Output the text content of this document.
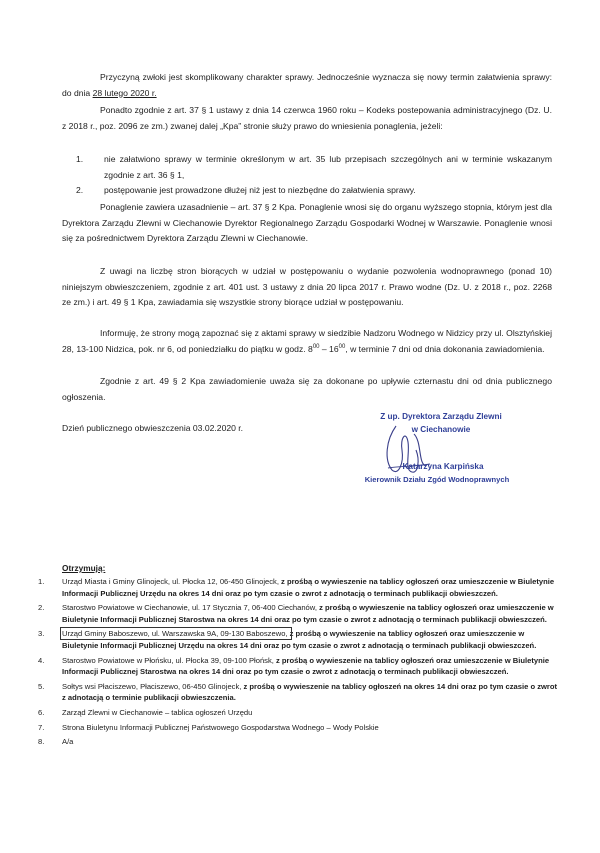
Przyczyną zwłoki jest skomplikowany charakter sprawy. Jednocześnie wyznacza się nowy termin załatwienia sprawy: do dnia 28 lutego 2020 r.
Ponadto zgodnie z art. 37 § 1 ustawy z dnia 14 czerwca 1960 roku – Kodeks postepowania administracyjnego (Dz. U. z 2018 r., poz. 2096 ze zm.) zwanej dalej „Kpa” stronie służy prawo do wniesienia ponaglenia, jeżeli:
1. nie załatwiono sprawy w terminie określonym w art. 35 lub przepisach szczególnych ani w terminie wskazanym zgodnie z art. 36 § 1,
2. postępowanie jest prowadzone dłużej niż jest to niezbędne do załatwienia sprawy.
Ponaglenie zawiera uzasadnienie – art. 37 § 2 Kpa. Ponaglenie wnosi się do organu wyższego stopnia, którym jest dla Dyrektora Zarządu Zlewni w Ciechanowie Dyrektor Regionalnego Zarządu Gospodarki Wodnej w Warszawie. Ponaglenie wnosi się za pośrednictwem Dyrektora Zarządu Zlewni w Ciechanowie.
Z uwagi na liczbę stron biorących w udział w postępowaniu o wydanie pozwolenia wodnoprawnego (ponad 10) niniejszym obwieszczeniem, zgodnie z art. 401 ust. 3 ustawy z dnia 20 lipca 2017 r. Prawo wodne (Dz. U. z 2018 r., poz. 2268 ze zm.) i art. 49 § 1 Kpa, zawiadamia się wszystkie strony biorące udział w postępowaniu.
Informuję, że strony mogą zapoznać się z aktami sprawy w siedzibie Nadzoru Wodnego w Nidzicy przy ul. Olsztyńskiej 28, 13-100 Nidzica, pok. nr 6, od poniedziałku do piątku w godz. $8^{00} - 16^{00}$, w terminie 7 dni od dnia dokonania zawiadomienia.
Zgodnie z art. 49 § 2 Kpa zawiadomienie uważa się za dokonane po upływie czternastu dni od dnia publicznego ogłoszenia.
Dzień publicznego obwieszczenia 03.02.2020 r.
Z up. Dyrektora Zarządu Zlewni
w Ciechanowie
Katarzyna Karpińska
Kierownik Działu Zgód Wodnoprawnych
Otrzymują:
1. Urząd Miasta i Gminy Glinojeck, ul. Płocka 12, 06-450 Glinojeck, z prośbą o wywieszenie na tablicy ogłoszeń oraz umieszczenie w Biuletynie Informacji Publicznej Urzędu na okres 14 dni oraz po tym czasie o zwrot z adnotacją o terminach publikacji obwieszczeń.
2. Starostwo Powiatowe w Ciechanowie, ul. 17 Stycznia 7, 06-400 Ciechanów, z prośbą o wywieszenie na tablicy ogłoszeń oraz umieszczenie w Biuletynie Informacji Publicznej Starostwa na okres 14 dni oraz po tym czasie o zwrot z adnotacją o terminach publikacji obwieszczeń.
3. Urząd Gminy Baboszewo, ul. Warszawska 9A, 09-130 Baboszewo, z prośbą o wywieszenie na tablicy ogłoszeń oraz umieszczenie w Biuletynie Informacji Publicznej Urzędu na okres 14 dni oraz po tym czasie o zwrot z adnotacją o terminach publikacji obwieszczeń.
4. Starostwo Powiatowe w Płońsku, ul. Płocka 39, 09-100 Płońsk, z prośbą o wywieszenie na tablicy ogłoszeń oraz umieszczenie w Biuletynie Informacji Publicznej Starostwa na okres 14 dni oraz po tym czasie o zwrot z adnotacją o terminach publikacji obwieszczeń.
5. Sołtys wsi Płaciszewo, Płaciszewo, 06-450 Glinojeck, z prośbą o wywieszenie na tablicy ogłoszeń na okres 14 dni oraz po tym czasie o zwrot z adnotacją o terminie publikacji obwieszczenia.
6. Zarząd Zlewni w Ciechanowie – tablica ogłoszeń Urzędu
7. Strona Biuletynu Informacji Publicznej Państwowego Gospodarstwa Wodnego – Wody Polskie
8. A/a
